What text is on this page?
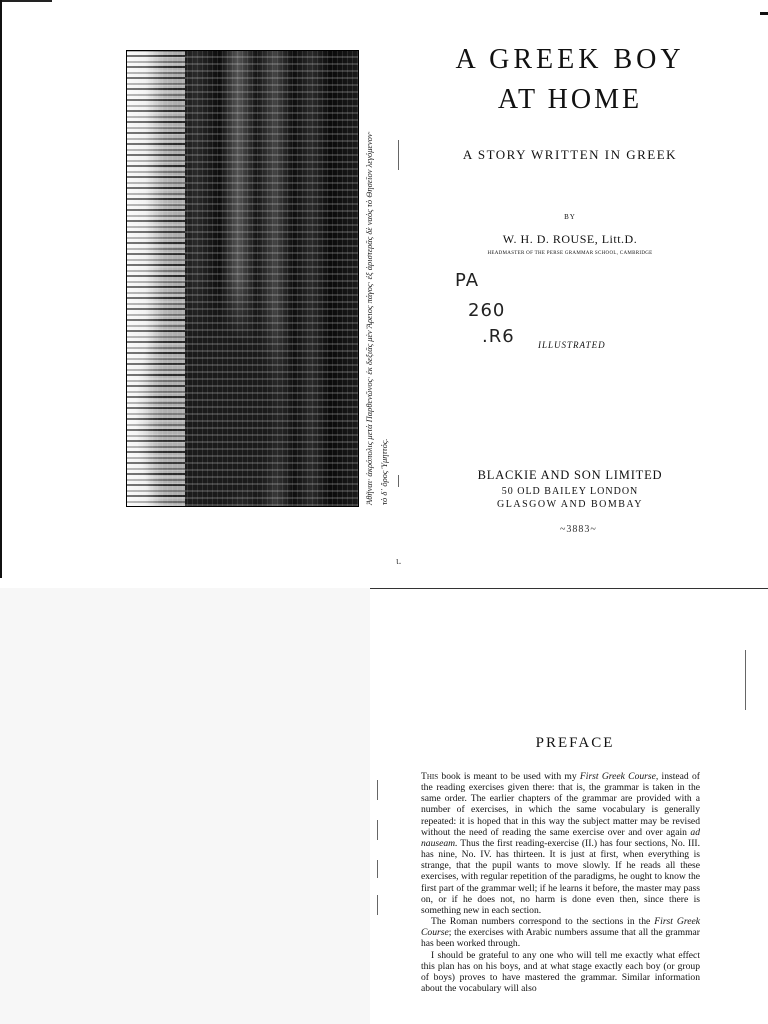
Ἀθῆναι· ἀκρόπολις μετὰ Παρθενῶνος· ἐκ δεξιᾶς μὲν Ἄρειος πάγος· ἐξ ἀριστερᾶς δὲ ναὸς τὸ Θησεῖον λεγόμενον· τὸ δ᾽ ὄρος Ὑμηττός.
A GREEK BOY
AT HOME
A STORY WRITTEN IN GREEK
BY
W. H. D. ROUSE, Litt.D.
HEADMASTER OF THE PERSE GRAMMAR SCHOOL, CAMBRIDGE
PA
260
.R6	ILLUSTRATED
BLACKIE AND SON LIMITED
50 OLD BAILEY LONDON
GLASGOW AND BOMBAY
~3883~
ɩ.
PREFACE

This book is meant to be used with my First Greek Course, instead of the reading exercises given there: that is, the grammar is taken in the same order. The earlier chapters of the grammar are provided with a number of exercises, in which the same vocabulary is generally repeated: it is hoped that in this way the subject matter may be revised without the need of reading the same exercise over and over again ad nauseam. Thus the first reading-exercise (II.) has four sections, No. III. has nine, No. IV. has thirteen. It is just at first, when everything is strange, that the pupil wants to move slowly. If he reads all these exercises, with regular repetition of the paradigms, he ought to know the first part of the grammar well; if he learns it before, the master may pass on, or if he does not, no harm is done even then, since there is something new in each section.

The Roman numbers correspond to the sections in the First Greek Course; the exercises with Arabic numbers assume that all the grammar has been worked through.

I should be grateful to any one who will tell me exactly what effect this plan has on his boys, and at what stage exactly each boy (or group of boys) proves to have mastered the grammar. Similar information about the vocabulary will also
